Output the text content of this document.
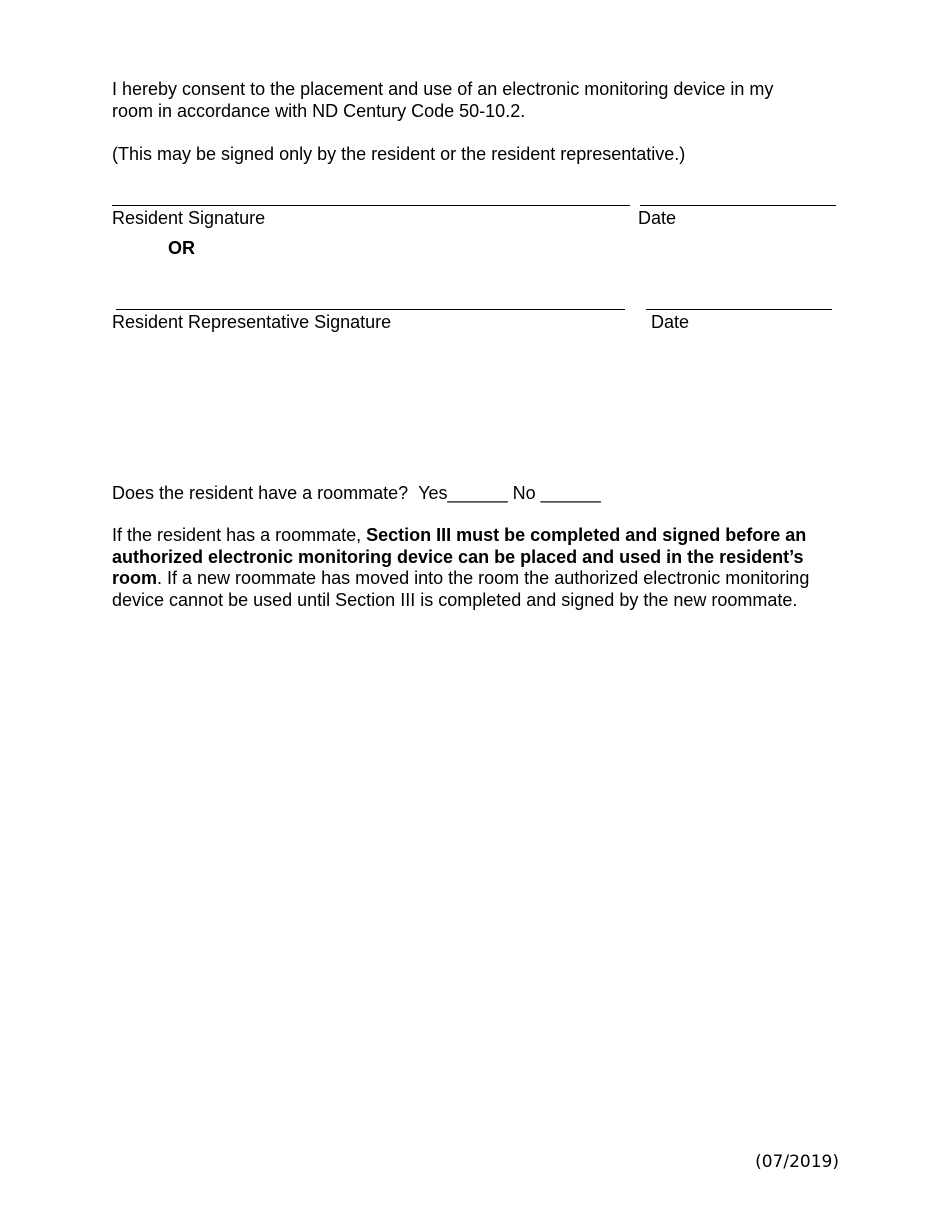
I hereby consent to the placement and use of an electronic monitoring device in my
room in accordance with ND Century Code 50-10.2.
(This may be signed only by the resident or the resident representative.)
Resident Signature	Date
OR
Resident Representative Signature	Date
Does the resident have a roommate? Yes______ No ______
If the resident has a roommate, Section III must be completed and signed before an authorized electronic monitoring device can be placed and used in the resident’s room. If a new roommate has moved into the room the authorized electronic monitoring device cannot be used until Section III is completed and signed by the new roommate.
(07/2019)
